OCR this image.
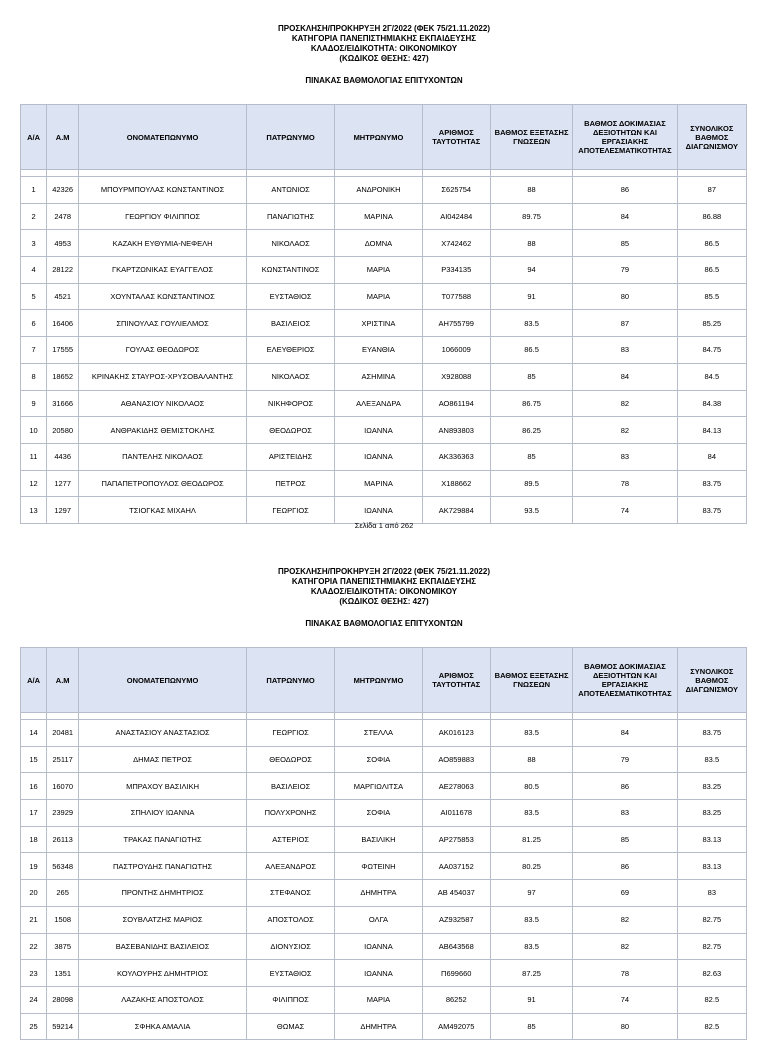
ΠΡΟΣΚΛΗΣΗ/ΠΡΟΚΗΡΥΞΗ 2Γ/2022 (ΦΕΚ 75/21.11.2022)
ΚΑΤΗΓΟΡΙΑ ΠΑΝΕΠΙΣΤΗΜΙΑΚΗΣ ΕΚΠΑΙΔΕΥΣΗΣ
ΚΛΑΔΟΣ/ΕΙΔΙΚΟΤΗΤΑ: ΟΙΚΟΝΟΜΙΚΟΥ
(ΚΩΔΙΚΟΣ ΘΕΣΗΣ: 427)
ΠΙΝΑΚΑΣ ΒΑΘΜΟΛΟΓΙΑΣ ΕΠΙΤΥΧΟΝΤΩΝ
Α/Α	Α.Μ	ΟΝΟΜΑΤΕΠΩΝΥΜΟ	ΠΑΤΡΩΝΥΜΟ	ΜΗΤΡΩΝΥΜΟ	ΑΡΙΘΜΟΣ ΤΑΥΤΟΤΗΤΑΣ	ΒΑΘΜΟΣ ΕΞΕΤΑΣΗΣ ΓΝΩΣΕΩΝ	ΒΑΘΜΟΣ ΔΟΚΙΜΑΣΙΑΣ ΔΕΞΙΟΤΗΤΩΝ ΚΑΙ ΕΡΓΑΣΙΑΚΗΣ ΑΠΟΤΕΛΕΣΜΑΤΙΚΟΤΗΤΑΣ	ΣΥΝΟΛΙΚΟΣ ΒΑΘΜΟΣ ΔΙΑΓΩΝΙΣΜΟΥ

1	42326	ΜΠΟΥΡΜΠΟΥΛΑΣ ΚΩΝΣΤΑΝΤΙΝΟΣ	ΑΝΤΩΝΙΟΣ	ΑΝΔΡΟΝΙΚΗ	Σ625754	88	86	87
2	2478	ΓΕΩΡΓΙΟΥ ΦΙΛΙΠΠΟΣ	ΠΑΝΑΓΙΩΤΗΣ	ΜΑΡΙΝΑ	ΑΙ042484	89.75	84	86.88
3	4953	ΚΑΖΑΚΗ ΕΥΘΥΜΙΑ-ΝΕΦΕΛΗ	ΝΙΚΟΛΑΟΣ	ΔΟΜΝΑ	Χ742462	88	85	86.5
4	28122	ΓΚΑΡΤΖΩΝΙΚΑΣ ΕΥΑΓΓΕΛΟΣ	ΚΩΝΣΤΑΝΤΙΝΟΣ	ΜΑΡΙΑ	Ρ334135	94	79	86.5
5	4521	ΧΟΥΝΤΑΛΑΣ ΚΩΝΣΤΑΝΤΙΝΟΣ	ΕΥΣΤΑΘΙΟΣ	ΜΑΡΙΑ	Τ077588	91	80	85.5
6	16406	ΣΠΙΝΟΥΛΑΣ ΓΟΥΛΙΕΛΜΟΣ	ΒΑΣΙΛΕΙΟΣ	ΧΡΙΣΤΙΝΑ	ΑΗ755799	83.5	87	85.25
7	17555	ΓΟΥΛΑΣ ΘΕΟΔΩΡΟΣ	ΕΛΕΥΘΕΡΙΟΣ	ΕΥΑΝΘΙΑ	1066009	86.5	83	84.75
8	18652	ΚΡΙΝΑΚΗΣ ΣΤΑΥΡΟΣ-ΧΡΥΣΟΒΑΛΑΝΤΗΣ	ΝΙΚΟΛΑΟΣ	ΑΣΗΜΙΝΑ	Χ928088	85	84	84.5
9	31666	ΑΘΑΝΑΣΙΟΥ ΝΙΚΟΛΑΟΣ	ΝΙΚΗΦΟΡΟΣ	ΑΛΕΞΑΝΔΡΑ	ΑΟ861194	86.75	82	84.38
10	20580	ΑΝΘΡΑΚΙΔΗΣ ΘΕΜΙΣΤΟΚΛΗΣ	ΘΕΟΔΩΡΟΣ	ΙΩΑΝΝΑ	ΑΝ893803	86.25	82	84.13
11	4436	ΠΑΝΤΕΛΗΣ ΝΙΚΟΛΑΟΣ	ΑΡΙΣΤΕΙΔΗΣ	ΙΩΑΝΝΑ	ΑΚ336363	85	83	84
12	1277	ΠΑΠΑΠΕΤΡΟΠΟΥΛΟΣ ΘΕΟΔΩΡΟΣ	ΠΕΤΡΟΣ	ΜΑΡΙΝΑ	Χ188662	89.5	78	83.75
13	1297	ΤΣΙΟΓΚΑΣ ΜΙΧΑΗΛ	ΓΕΩΡΓΙΟΣ	ΙΩΑΝΝΑ	ΑΚ729884	93.5	74	83.75
Σελίδα 1 από 262
ΠΡΟΣΚΛΗΣΗ/ΠΡΟΚΗΡΥΞΗ 2Γ/2022 (ΦΕΚ 75/21.11.2022)
ΚΑΤΗΓΟΡΙΑ ΠΑΝΕΠΙΣΤΗΜΙΑΚΗΣ ΕΚΠΑΙΔΕΥΣΗΣ
ΚΛΑΔΟΣ/ΕΙΔΙΚΟΤΗΤΑ: ΟΙΚΟΝΟΜΙΚΟΥ
(ΚΩΔΙΚΟΣ ΘΕΣΗΣ: 427)
ΠΙΝΑΚΑΣ ΒΑΘΜΟΛΟΓΙΑΣ ΕΠΙΤΥΧΟΝΤΩΝ
Α/Α	Α.Μ	ΟΝΟΜΑΤΕΠΩΝΥΜΟ	ΠΑΤΡΩΝΥΜΟ	ΜΗΤΡΩΝΥΜΟ	ΑΡΙΘΜΟΣ ΤΑΥΤΟΤΗΤΑΣ	ΒΑΘΜΟΣ ΕΞΕΤΑΣΗΣ ΓΝΩΣΕΩΝ	ΒΑΘΜΟΣ ΔΟΚΙΜΑΣΙΑΣ ΔΕΞΙΟΤΗΤΩΝ ΚΑΙ ΕΡΓΑΣΙΑΚΗΣ ΑΠΟΤΕΛΕΣΜΑΤΙΚΟΤΗΤΑΣ	ΣΥΝΟΛΙΚΟΣ ΒΑΘΜΟΣ ΔΙΑΓΩΝΙΣΜΟΥ

14	20481	ΑΝΑΣΤΑΣΙΟΥ ΑΝΑΣΤΑΣΙΟΣ	ΓΕΩΡΓΙΟΣ	ΣΤΕΛΛΑ	ΑΚ016123	83.5	84	83.75
15	25117	ΔΗΜΑΣ ΠΕΤΡΟΣ	ΘΕΟΔΩΡΟΣ	ΣΟΦΙΑ	ΑΟ859883	88	79	83.5
16	16070	ΜΠΡΑΧΟΥ ΒΑΣΙΛΙΚΗ	ΒΑΣΙΛΕΙΟΣ	ΜΑΡΓΙΩΛΙΤΣΑ	ΑΕ278063	80.5	86	83.25
17	23929	ΣΠΗΛΙΟΥ ΙΩΑΝΝΑ	ΠΟΛΥΧΡΟΝΗΣ	ΣΟΦΙΑ	ΑΙ011678	83.5	83	83.25
18	26113	ΤΡΑΚΑΣ ΠΑΝΑΓΙΩΤΗΣ	ΑΣΤΕΡΙΟΣ	ΒΑΣΙΛΙΚΗ	ΑΡ275853	81.25	85	83.13
19	56348	ΠΑΣΤΡΟΥΔΗΣ ΠΑΝΑΓΙΩΤΗΣ	ΑΛΕΞΑΝΔΡΟΣ	ΦΩΤΕΙΝΗ	ΑΑ037152	80.25	86	83.13
20	265	ΠΡΟΝΤΗΣ ΔΗΜΗΤΡΙΟΣ	ΣΤΕΦΑΝΟΣ	ΔΗΜΗΤΡΑ	ΑΒ 454037	97	69	83
21	1508	ΣΟΥΒΛΑΤΖΗΣ ΜΑΡΙΟΣ	ΑΠΟΣΤΟΛΟΣ	ΟΛΓΑ	ΑΖ932587	83.5	82	82.75
22	3875	ΒΑΣΕΒΑΝΙΔΗΣ ΒΑΣΙΛΕΙΟΣ	ΔΙΟΝΥΣΙΟΣ	ΙΩΑΝΝΑ	ΑΒ643568	83.5	82	82.75
23	1351	ΚΟΥΛΟΥΡΗΣ ΔΗΜΗΤΡΙΟΣ	ΕΥΣΤΑΘΙΟΣ	ΙΩΑΝΝΑ	Π699660	87.25	78	82.63
24	28098	ΛΑΖΑΚΗΣ ΑΠΟΣΤΟΛΟΣ	ΦΙΛΙΠΠΟΣ	ΜΑΡΙΑ	86252	91	74	82.5
25	59214	ΣΦΗΚΑ ΑΜΑΛΙΑ	ΘΩΜΑΣ	ΔΗΜΗΤΡΑ	ΑΜ492075	85	80	82.5
